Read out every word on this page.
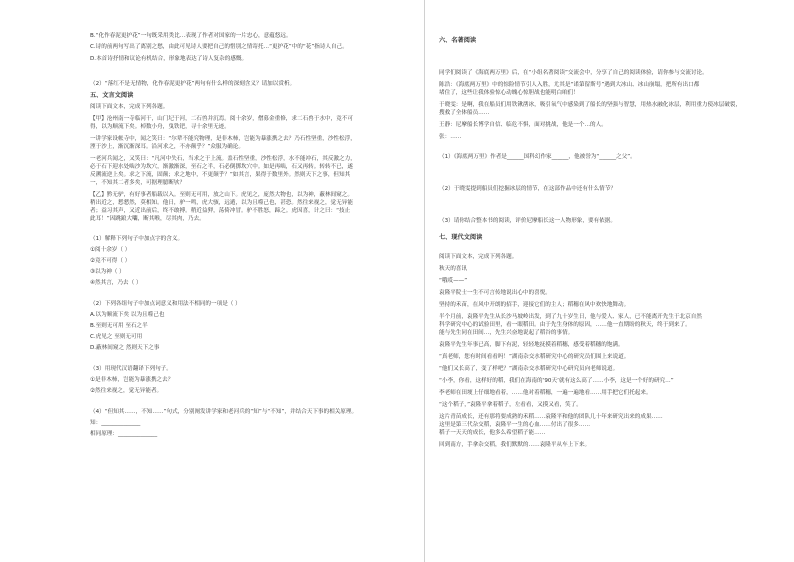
B.“化作春泥更护花”一句既采用类比…表现了作者对国家的一片忠心，意蕴悠远。
C.诗的前两句写出了离别之愁，由此可见诗人要把自己的惜别之情寄托…“更护花”中的“花”指诗人自己。
D.本首诗抒情和议论有机结合，形象地表达了诗人复杂的感慨。
（2）“落红不是无情物，化作春泥更护花”两句有什么样的深刻含义？请加以赏析。
五、文言文阅读
阅读下面文本，完成下列各题。
【甲】沧州南一寺临河干，山门圮于河，二石兽并沉焉。阅十余岁，僧募金重修，求二石兽于水中，竟不可
得，以为顺流下矣。棹数小舟，曳铁钯，寻十余里无迹。
一讲学家设帐寺中，闻之笑曰：“尔辈不能究物理，是非木柿，岂能为暴涨携之去？乃石性坚重，沙性松浮，
湮于沙上，渐沉渐深耳。沿河求之，不亦颠乎？”众服为确论。
一老河兵闻之，又笑曰：“凡河中失石，当求之于上流。盖石性坚重，沙性松浮，水不能冲石，其反激之力，
必于石下迎水处啮沙为坎穴，渐激渐深，至石之半，石必倒掷坎穴中。如是再啮，石又再转。转转不已，遂
反溯流逆上矣。求之下流，固颠；求之地中，不更颠乎？”如其言，果得于数里外。然则天下之事，但知其
一，不知其二者多矣，可据理臆断欤？
【乙】黔无驴，有好事者船载以入。至则无可用，放之山下。虎见之，庞然大物也，以为神，蔽林间窥之。
稍出近之，憖憖然，莫相知。他日，驴一鸣，虎大骇，远遁，以为且噬己也，甚恐。然往来视之，觉无异能
者；益习其声，又近出前后，终不敢搏。稍近益狎，荡倚冲冒。驴不胜怒，蹄之。虎因喜，计之曰：“技止
此耳！”因跳踉大㘚，断其喉，尽其肉，乃去。
（1）解释下列句子中加点字的含义。
①阅十余岁（ ）
②竟不可得（ ）
③以为神（ ）
④然其言，乃去（ ）
（2）下列各组句子中加点词意义和用法不相同的一项是（ ）
A.以为顺流下矣 以为且噬己也
B.至则无可用 至石之半
C.虎见之 至则无可用
D.蔽林间窥之 然则天下之事
（3）用现代汉语翻译下列句子。
①是非木柿，岂能为暴涨携之去？
②然往来视之，觉无异能者。
（4）“但知其……，不知……”句式，分别阐发讲学家和老河兵的“知”与“不知”，并结合天下事的相关原理。
知：______________
相同原理：______________
六、名著阅读
同学们阅读了《海底两万里》后，在“小组名著阅读”交流会中，分享了自己的阅读体验，请你参与交流讨论。
陈浩：《海底两万里》中的惊险情节引人入胜，尤其是“诺第留斯号”遇到大冰山、冰山崩塌，把所有出口都
堵住了，这些让我体验惊心动魄心惊胆战也能明白咱们！
于晓雯：是啊，我在船员们用铁锹凿冰，吸引氧气中感染到了船长的坚强与智慧，用热水融化冰层，利用重力使冰层破裂，
搜救了全体船员……
王静：尼摩船长博学自信、临危不惧，面对挑战，他是一个…的人。
张：……
（1）《海底两万里》作者是______国科幻作家______，他被誉为“______之父”。
（2）于晓雯提到船员们挖掘冰层的情节，在这部作品中还有什么情节？
（3）请你结合整本书的阅读，评价尼摩船长这一人物形象，要有依据。
七、现代文阅读
阅读下面文本，完成下列各题。
秋天的喜讯
“哦哎——”
袁隆平院士一生不可言传地说出心中的喜悦。
坚持的禾苗，在风中开朗的招手，迎接它们的主人；稻穗在风中欢快地舞动。
半个月前，袁隆平先生从长沙马坡岭出发，到了九十岁生日，他与爱人、家人，已不能离开先生于北京自然
科学研究中心的试验田里，看一眼稻田。由于先生身体的原因，……他一直期盼的秋天，终于到来了。
能与先生同在田间…，先生兴奋地说起了稻谷的事情。
袁隆平先生年事已高，脚下有泥，轻轻地抚摸着稻穗，感受着稻穗的饱满。
“真老师，您有时间看看吗！”湖南杂交水稻研究中心的研究员们围上来说道。
“他们又长高了，变了样吧？”湖南杂交水稻研究中心研究员向老师说道。
“小李，你看，这样好的稻，我们在海南的‘90天’就有这么高了……小李，这是一个好的研究…”
李老师在田埂上仔细地看着，……他对着稻穗，一遍一遍地看……用手把它们托起来。
“这个稻子，”袁隆平拿着稻子，左看看，又摸又看，笑了。
这片青苗成长，还有那将要成熟的禾稻……袁隆平和他的团队几十年来研究出来的成果……
这里是第三代杂交稻，袁隆平一生的心血……付出了很多……
稻子一天天的成长，他多么希望稻子能……
回到南方，手拿杂交稻，我们默默的……袁隆平从车上下来。
